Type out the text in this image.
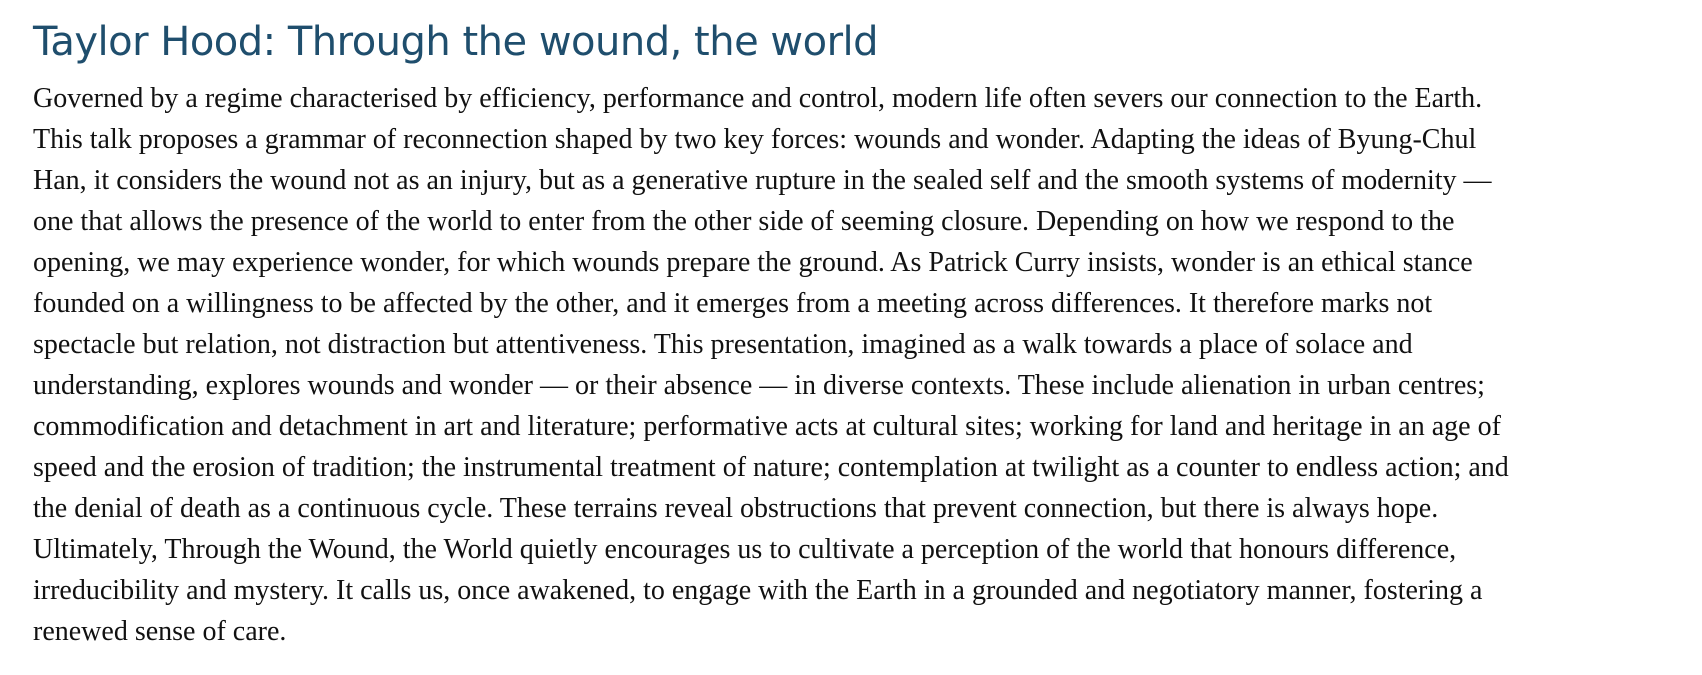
Taylor Hood: Through the wound, the world

Governed by a regime characterised by efficiency, performance and control, modern life often severs our connection to the Earth.
This talk proposes a grammar of reconnection shaped by two key forces: wounds and wonder. Adapting the ideas of Byung-Chul
Han, it considers the wound not as an injury, but as a generative rupture in the sealed self and the smooth systems of modernity —
one that allows the presence of the world to enter from the other side of seeming closure. Depending on how we respond to the
opening, we may experience wonder, for which wounds prepare the ground. As Patrick Curry insists, wonder is an ethical stance
founded on a willingness to be affected by the other, and it emerges from a meeting across differences. It therefore marks not
spectacle but relation, not distraction but attentiveness. This presentation, imagined as a walk towards a place of solace and
understanding, explores wounds and wonder — or their absence — in diverse contexts. These include alienation in urban centres;
commodification and detachment in art and literature; performative acts at cultural sites; working for land and heritage in an age of
speed and the erosion of tradition; the instrumental treatment of nature; contemplation at twilight as a counter to endless action; and
the denial of death as a continuous cycle. These terrains reveal obstructions that prevent connection, but there is always hope.
Ultimately, Through the Wound, the World quietly encourages us to cultivate a perception of the world that honours difference,
irreducibility and mystery. It calls us, once awakened, to engage with the Earth in a grounded and negotiatory manner, fostering a
renewed sense of care.
